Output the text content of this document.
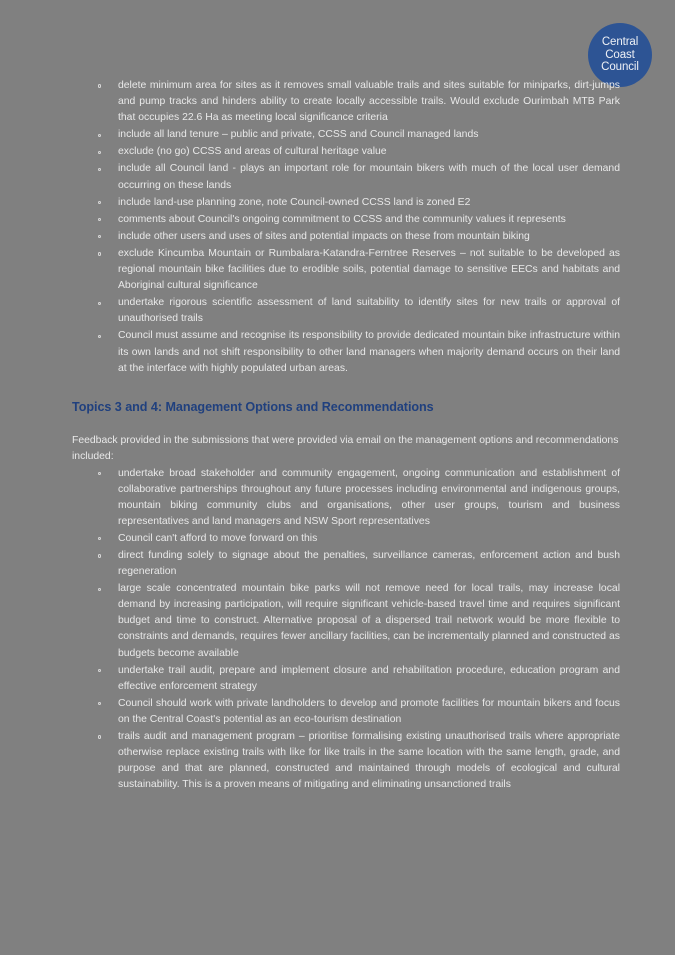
Central
Coast
Council
delete minimum area for sites as it removes small valuable trails and sites suitable for miniparks, dirt-jumps and pump tracks and hinders ability to create locally accessible trails. Would exclude Ourimbah MTB Park that occupies 22.6 Ha as meeting local significance criteria
include all land tenure – public and private, CCSS and Council managed lands
exclude (no go) CCSS and areas of cultural heritage value
include all Council land - plays an important role for mountain bikers with much of the local user demand occurring on these lands
include land-use planning zone, note Council-owned CCSS land is zoned E2
comments about Council's ongoing commitment to CCSS and the community values it represents
include other users and uses of sites and potential impacts on these from mountain biking
exclude Kincumba Mountain or Rumbalara-Katandra-Ferntree Reserves – not suitable to be developed as regional mountain bike facilities due to erodible soils, potential damage to sensitive EECs and habitats and Aboriginal cultural significance
undertake rigorous scientific assessment of land suitability to identify sites for new trails or approval of unauthorised trails
Council must assume and recognise its responsibility to provide dedicated mountain bike infrastructure within its own lands and not shift responsibility to other land managers when majority demand occurs on their land at the interface with highly populated urban areas.
Topics 3 and 4: Management Options and Recommendations

Feedback provided in the submissions that were provided via email on the management options and recommendations included:

undertake broad stakeholder and community engagement, ongoing communication and establishment of collaborative partnerships throughout any future processes including environmental and indigenous groups, mountain biking community clubs and organisations, other user groups, tourism and business representatives and land managers and NSW Sport representatives
Council can't afford to move forward on this
direct funding solely to signage about the penalties, surveillance cameras, enforcement action and bush regeneration
large scale concentrated mountain bike parks will not remove need for local trails, may increase local demand by increasing participation, will require significant vehicle-based travel time and requires significant budget and time to construct. Alternative proposal of a dispersed trail network would be more flexible to constraints and demands, requires fewer ancillary facilities, can be incrementally planned and constructed as budgets become available
undertake trail audit, prepare and implement closure and rehabilitation procedure, education program and effective enforcement strategy
Council should work with private landholders to develop and promote facilities for mountain bikers and focus on the Central Coast's potential as an eco-tourism destination
trails audit and management program – prioritise formalising existing unauthorised trails where appropriate otherwise replace existing trails with like for like trails in the same location with the same length, grade, and purpose and that are planned, constructed and maintained through models of ecological and cultural sustainability. This is a proven means of mitigating and eliminating unsanctioned trails
